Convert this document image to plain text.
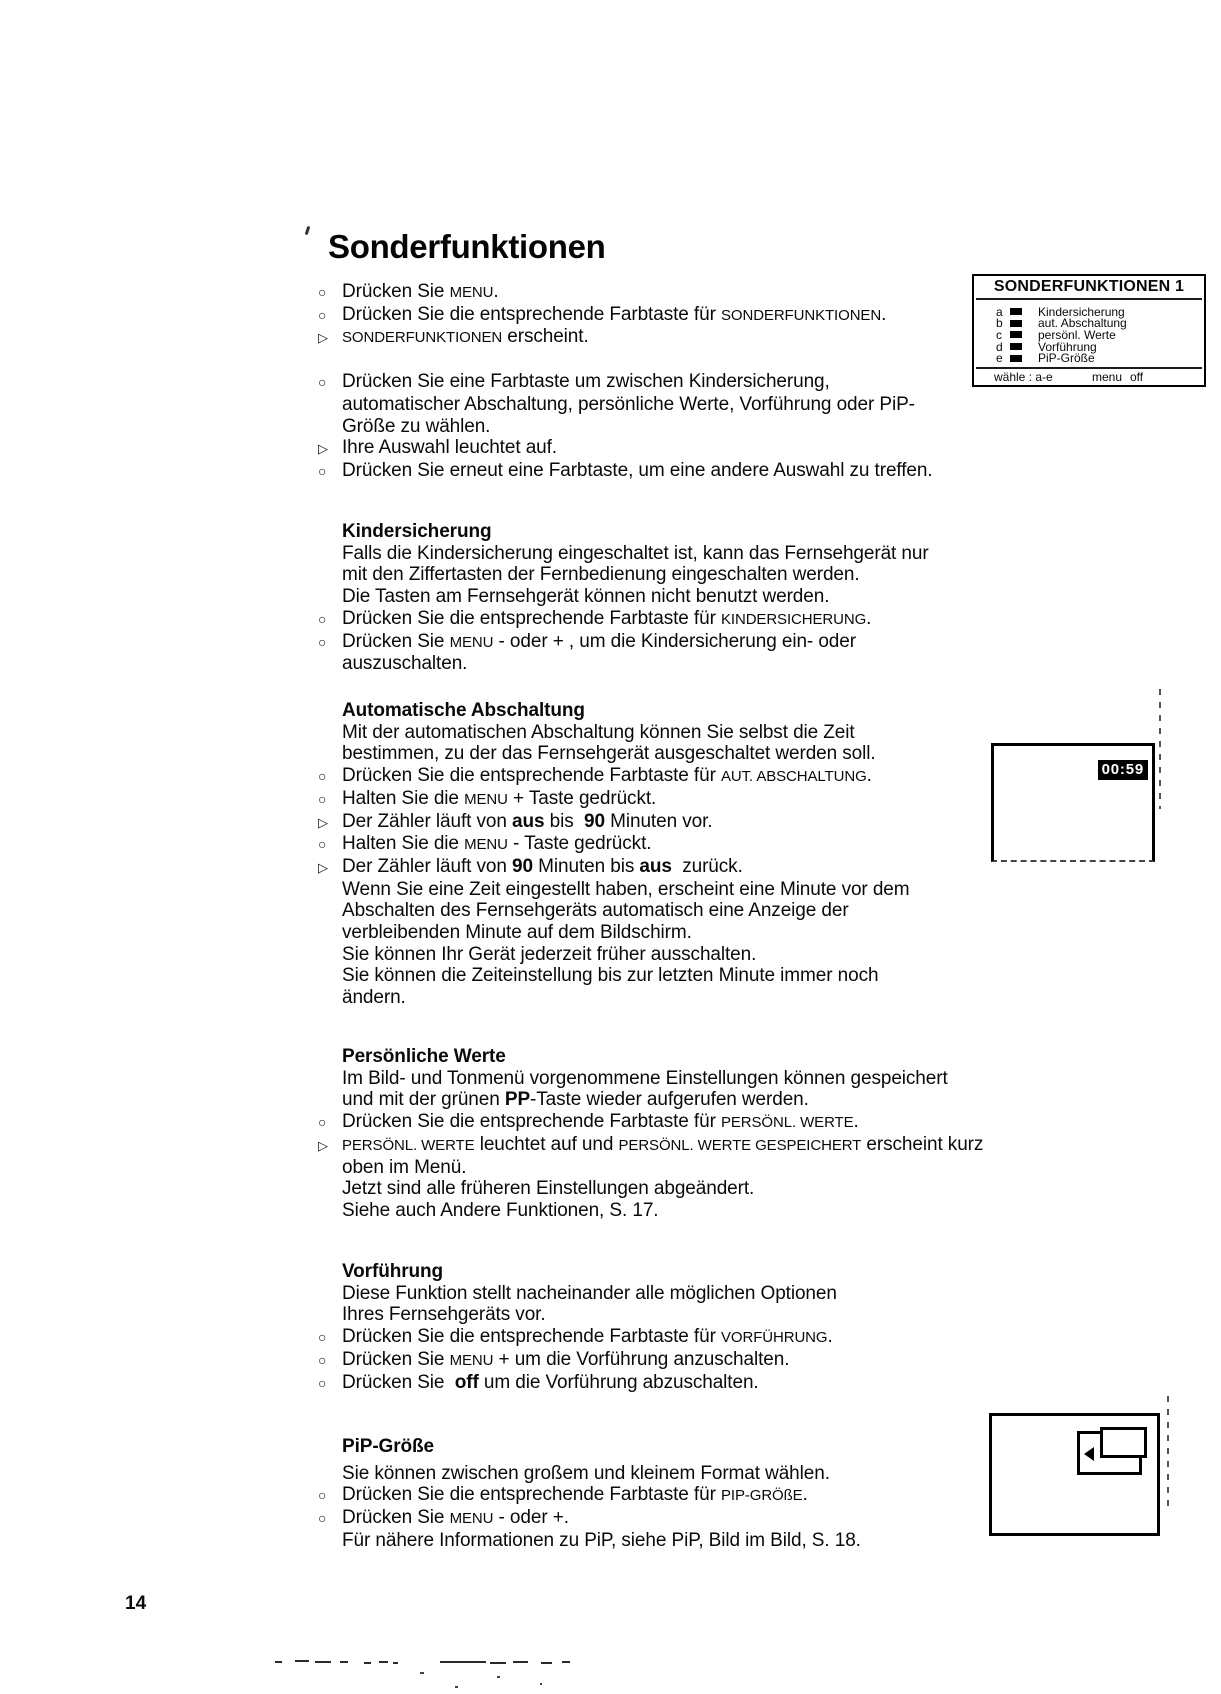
Sonderfunktionen
○ Drücken Sie MENU.
○ Drücken Sie die entsprechende Farbtaste für SONDERFUNKTIONEN.
▷ SONDERFUNKTIONEN erscheint.
○ Drücken Sie eine Farbtaste um zwischen Kindersicherung,
automatischer Abschaltung, persönliche Werte, Vorführung oder PiP-
Größe zu wählen.
▷ Ihre Auswahl leuchtet auf.
○ Drücken Sie erneut eine Farbtaste, um eine andere Auswahl zu treffen.
Kindersicherung
Falls die Kindersicherung eingeschaltet ist, kann das Fernsehgerät nur
mit den Ziffertasten der Fernbedienung eingeschalten werden.
Die Tasten am Fernsehgerät können nicht benutzt werden.
○ Drücken Sie die entsprechende Farbtaste für KINDERSICHERUNG.
○ Drücken Sie MENU - oder + , um die Kindersicherung ein- oder
auszuschalten.
Automatische Abschaltung
Mit der automatischen Abschaltung können Sie selbst die Zeit
bestimmen, zu der das Fernsehgerät ausgeschaltet werden soll.
○ Drücken Sie die entsprechende Farbtaste für AUT. ABSCHALTUNG.
○ Halten Sie die MENU + Taste gedrückt.
▷ Der Zähler läuft von aus bis  90 Minuten vor.
○ Halten Sie die MENU - Taste gedrückt.
▷ Der Zähler läuft von 90 Minuten bis aus  zurück.
Wenn Sie eine Zeit eingestellt haben, erscheint eine Minute vor dem
Abschalten des Fernsehgeräts automatisch eine Anzeige der
verbleibenden Minute auf dem Bildschirm.
Sie können Ihr Gerät jederzeit früher ausschalten.
Sie können die Zeiteinstellung bis zur letzten Minute immer noch
ändern.
Persönliche Werte
Im Bild- und Tonmenü vorgenommene Einstellungen können gespeichert
und mit der grünen PP-Taste wieder aufgerufen werden.
○ Drücken Sie die entsprechende Farbtaste für PERSÖNL. WERTE.
▷ PERSÖNL. WERTE leuchtet auf und PERSÖNL. WERTE GESPEICHERT erscheint kurz
oben im Menü.
Jetzt sind alle früheren Einstellungen abgeändert.
Siehe auch Andere Funktionen, S. 17.
Vorführung
Diese Funktion stellt nacheinander alle möglichen Optionen
Ihres Fernsehgeräts vor.
○ Drücken Sie die entsprechende Farbtaste für VORFÜHRUNG.
○ Drücken Sie MENU + um die Vorführung anzuschalten.
○ Drücken Sie  off um die Vorführung abzuschalten.
PiP-Größe
Sie können zwischen großem und kleinem Format wählen.
○ Drücken Sie die entsprechende Farbtaste für PIP-GRÖßE.
○ Drücken Sie MENU - oder +.
Für nähere Informationen zu PiP, siehe PiP, Bild im Bild, S. 18.
SONDERFUNKTIONEN 1
a	Kindersicherung
b	aut. Abschaltung
c	persönl. Werte
d	Vorführung
e	PiP-Größe
wähle : a-e	menu off
00:59
14
